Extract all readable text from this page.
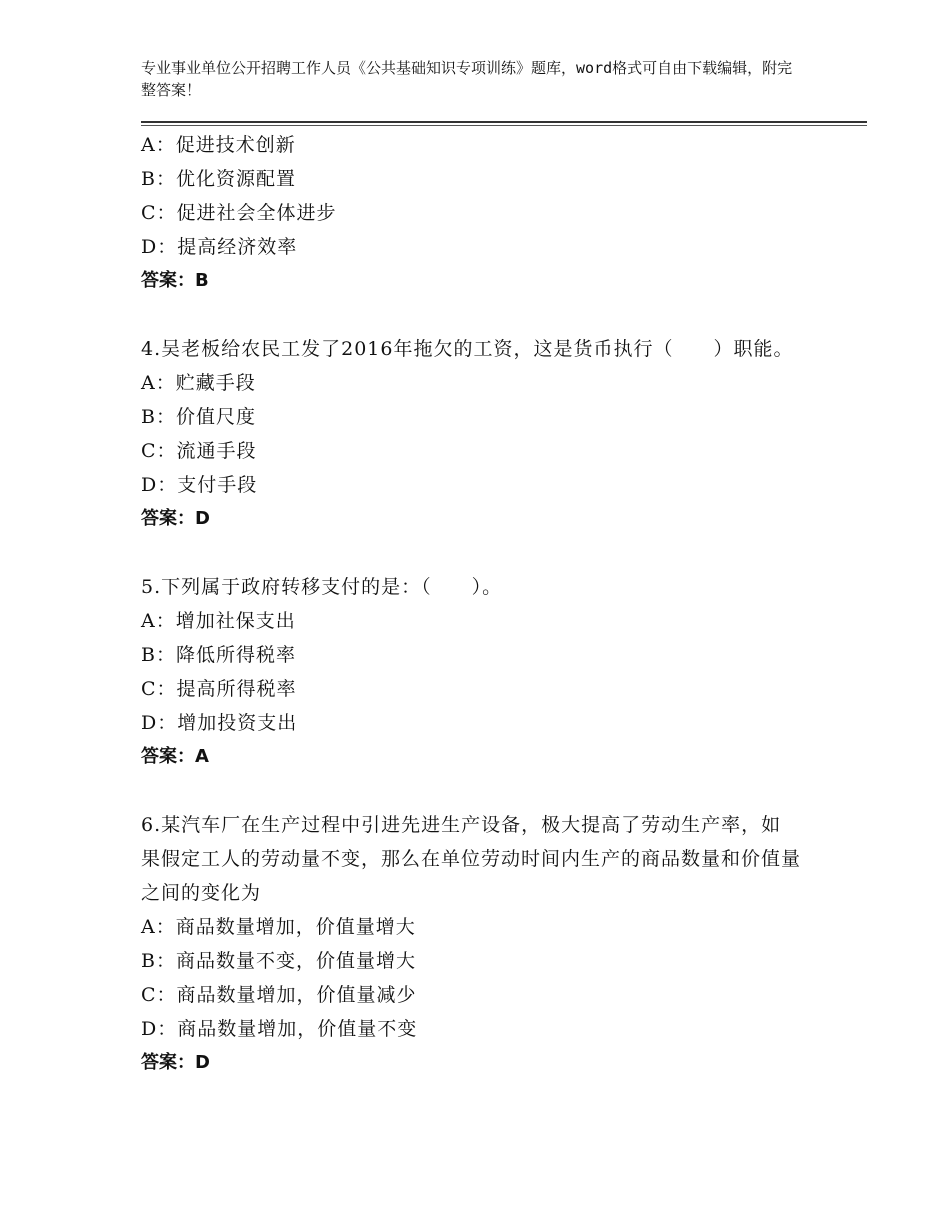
专业事业单位公开招聘工作人员《公共基础知识专项训练》题库，word格式可自由下载编辑，附完整答案！
A：促进技术创新
B：优化资源配置
C：促进社会全体进步
D：提高经济效率
答案：B
4.吴老板给农民工发了2016年拖欠的工资，这是货币执行（　　）职能。
A：贮藏手段
B：价值尺度
C：流通手段
D：支付手段
答案：D
5.下列属于政府转移支付的是：（　　）。
A：增加社保支出
B：降低所得税率
C：提高所得税率
D：增加投资支出
答案：A
6.某汽车厂在生产过程中引进先进生产设备，极大提高了劳动生产率，如果假定工人的劳动量不变，那么在单位劳动时间内生产的商品数量和价值量之间的变化为
A：商品数量增加，价值量增大
B：商品数量不变，价值量增大
C：商品数量增加，价值量减少
D：商品数量增加，价值量不变
答案：D
